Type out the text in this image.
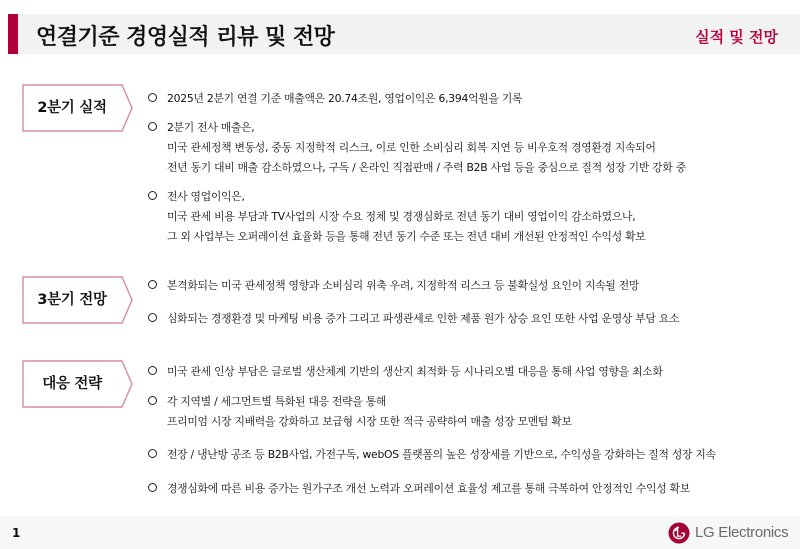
연결기준 경영실적 리뷰 및 전망	실적 및 전망
2분기 실적
2025년 2분기 연결 기준 매출액은 20.74조원, 영업이익은 6,394억원을 기록
2분기 전사 매출은,
미국 관세정책 변동성, 중동 지정학적 리스크, 이로 인한 소비심리 회복 지연 등 비우호적 경영환경 지속되어
전년 동기 대비 매출 감소하였으나, 구독 / 온라인 직접판매 / 주력 B2B 사업 등을 중심으로 질적 성장 기반 강화 중
전사 영업이익은,
미국 관세 비용 부담과 TV사업의 시장 수요 정체 및 경쟁심화로 전년 동기 대비 영업이익 감소하였으나,
그 외 사업부는 오퍼레이션 효율화 등을 통해 전년 동기 수준 또는 전년 대비 개선된 안정적인 수익성 확보
3분기 전망
본격화되는 미국 관세정책 영향과 소비심리 위축 우려, 지정학적 리스크 등 불확실성 요인이 지속될 전망
심화되는 경쟁환경 및 마케팅 비용 증가 그리고 파생관세로 인한 제품 원가 상승 요인 또한 사업 운영상 부담 요소
대응 전략
미국 관세 인상 부담은 글로벌 생산체계 기반의 생산지 최적화 등 시나리오별 대응을 통해 사업 영향을 최소화
각 지역별 / 세그먼트별 특화된 대응 전략을 통해
프리미엄 시장 지배력을 강화하고 보급형 시장 또한 적극 공략하여 매출 성장 모멘텀 확보
전장 / 냉난방 공조 등 B2B사업, 가전구독, webOS 플랫폼의 높은 성장세를 기반으로, 수익성을 강화하는 질적 성장 지속
경쟁심화에 따른 비용 증가는 원가구조 개선 노력과 오퍼레이션 효율성 제고를 통해 극복하여 안정적인 수익성 확보
1	LG Electronics
